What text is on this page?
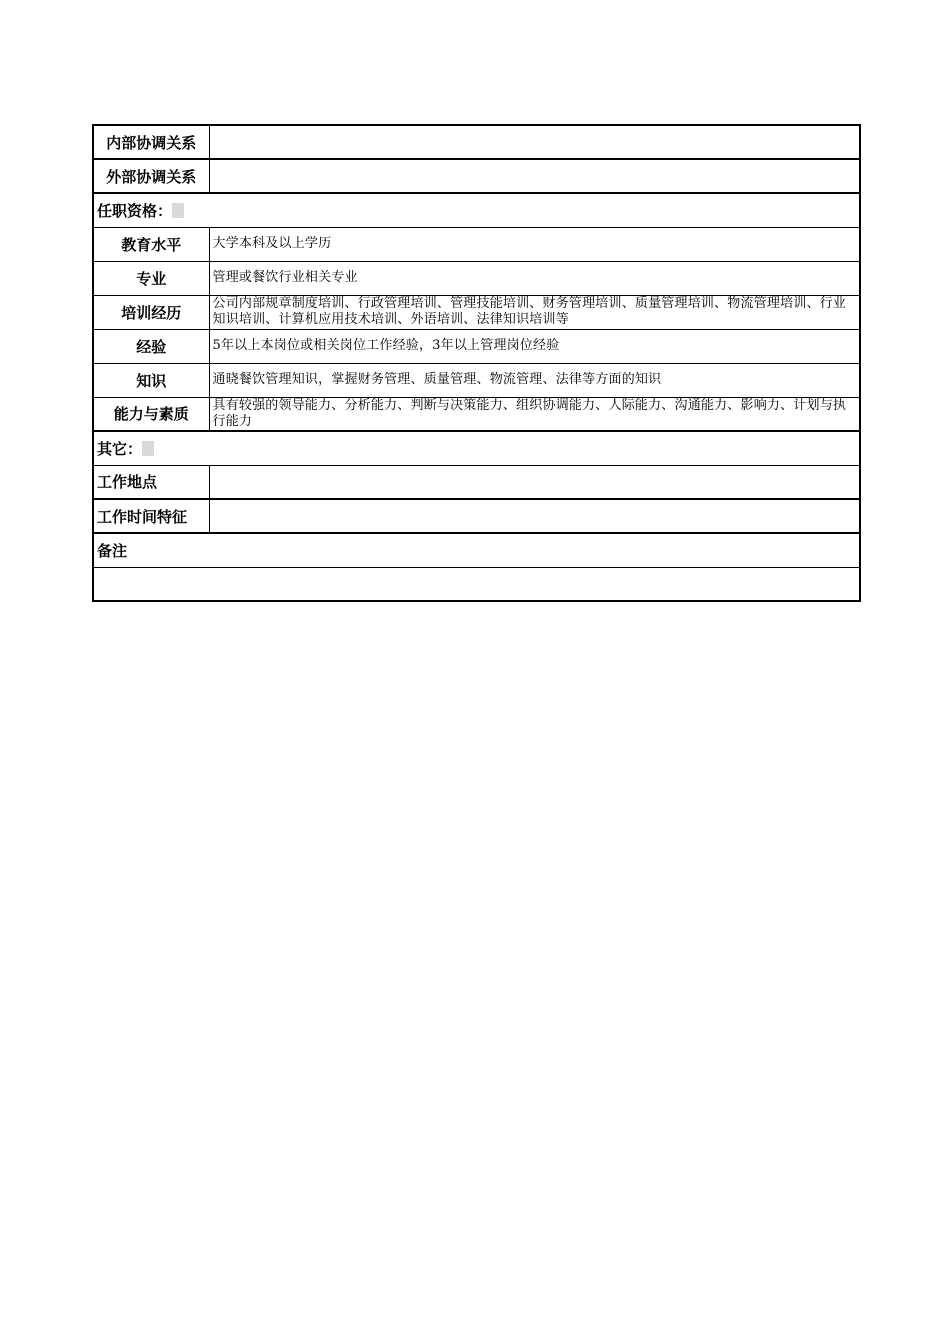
内部协调关系	
外部协调关系	
任职资格：	
教育水平	大学本科及以上学历
专业	管理或餐饮行业相关专业
培训经历	公司内部规章制度培训、行政管理培训、管理技能培训、财务管理培训、质量管理培训、物流管理培训、行业知识培训、计算机应用技术培训、外语培训、法律知识培训等
经验	5年以上本岗位或相关岗位工作经验，3年以上管理岗位经验
知识	通晓餐饮管理知识，掌握财务管理、质量管理、物流管理、法律等方面的知识
能力与素质	具有较强的领导能力、分析能力、判断与决策能力、组织协调能力、人际能力、沟通能力、影响力、计划与执行能力
其它：	
工作地点	
工作时间特征	
备注	
